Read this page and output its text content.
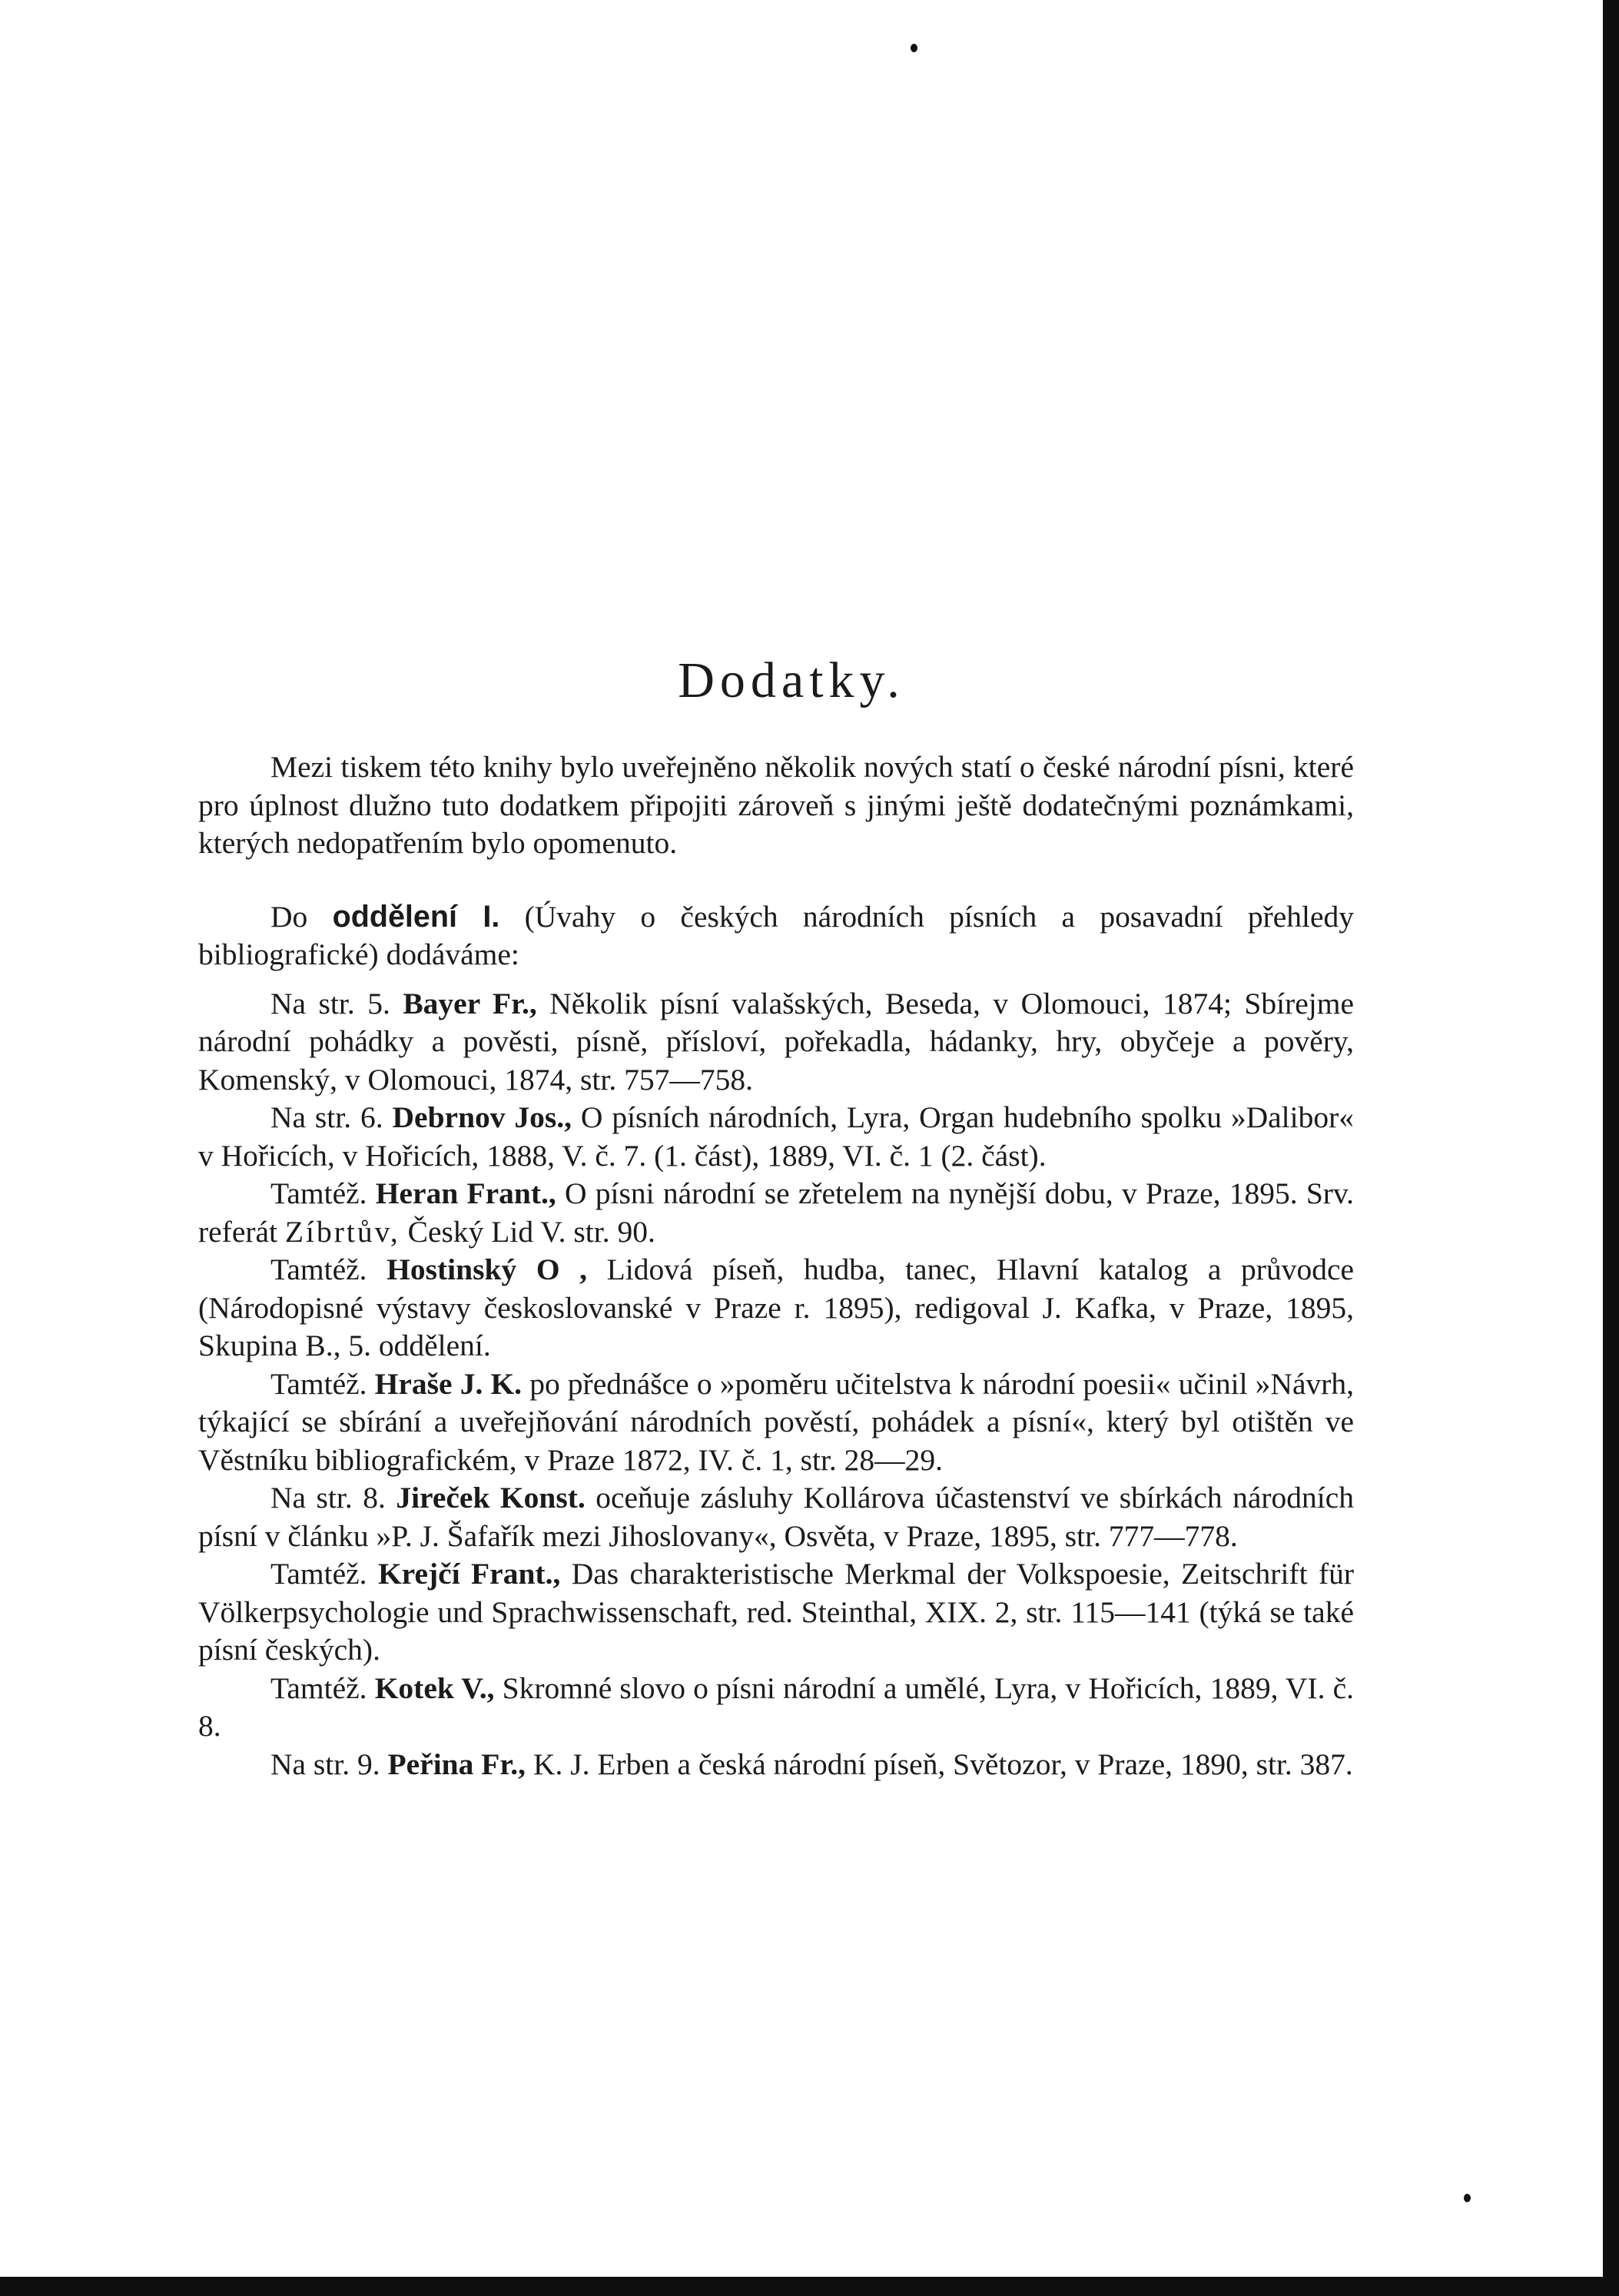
Dodatky.

Mezi tiskem této knihy bylo uveřejněno několik nových statí o české národní písni, které pro úplnost dlužno tuto dodatkem připojiti zároveň s jinými ještě dodatečnými poznámkami, kterých nedopatřením bylo opomenuto.

Do oddělení I. (Úvahy o českých národních písních a posavadní přehledy bibliografické) dodáváme:

Na str. 5. Bayer Fr., Několik písní valašských, Beseda, v Olomouci, 1874; Sbírejme národní pohádky a pověsti, písně, přísloví, pořekadla, hádanky, hry, obyčeje a pověry, Komenský, v Olomouci, 1874, str. 757—758.

Na str. 6. Debrnov Jos., O písních národních, Lyra, Organ hudebního spolku »Dalibor« v Hořicích, v Hořicích, 1888, V. č. 7. (1. část), 1889, VI. č. 1 (2. část).

Tamtéž. Heran Frant., O písni národní se zřetelem na nynější dobu, v Praze, 1895. Srv. referát Zíbrtův, Český Lid V. str. 90.

Tamtéž. Hostinský O , Lidová píseň, hudba, tanec, Hlavní katalog a průvodce (Národopisné výstavy českoslovanské v Praze r. 1895), redigoval J. Kafka, v Praze, 1895, Skupina B., 5. oddělení.

Tamtéž. Hraše J. K. po přednášce o »poměru učitelstva k národní poesii« učinil »Návrh, týkající se sbírání a uveřejňování národních pověstí, pohádek a písní«, který byl otištěn ve Věstníku bibliografickém, v Praze 1872, IV. č. 1, str. 28—29.

Na str. 8. Jireček Konst. oceňuje zásluhy Kollárova účastenství ve sbírkách národních písní v článku »P. J. Šafařík mezi Jihoslovany«, Osvěta, v Praze, 1895, str. 777—778.

Tamtéž. Krejčí Frant., Das charakteristische Merkmal der Volkspoesie, Zeitschrift für Völkerpsychologie und Sprachwissenschaft, red. Steinthal, XIX. 2, str. 115—141 (týká se také písní českých).

Tamtéž. Kotek V., Skromné slovo o písni národní a umělé, Lyra, v Hořicích, 1889, VI. č. 8.

Na str. 9. Peřina Fr., K. J. Erben a česká národní píseň, Světozor, v Praze, 1890, str. 387.
